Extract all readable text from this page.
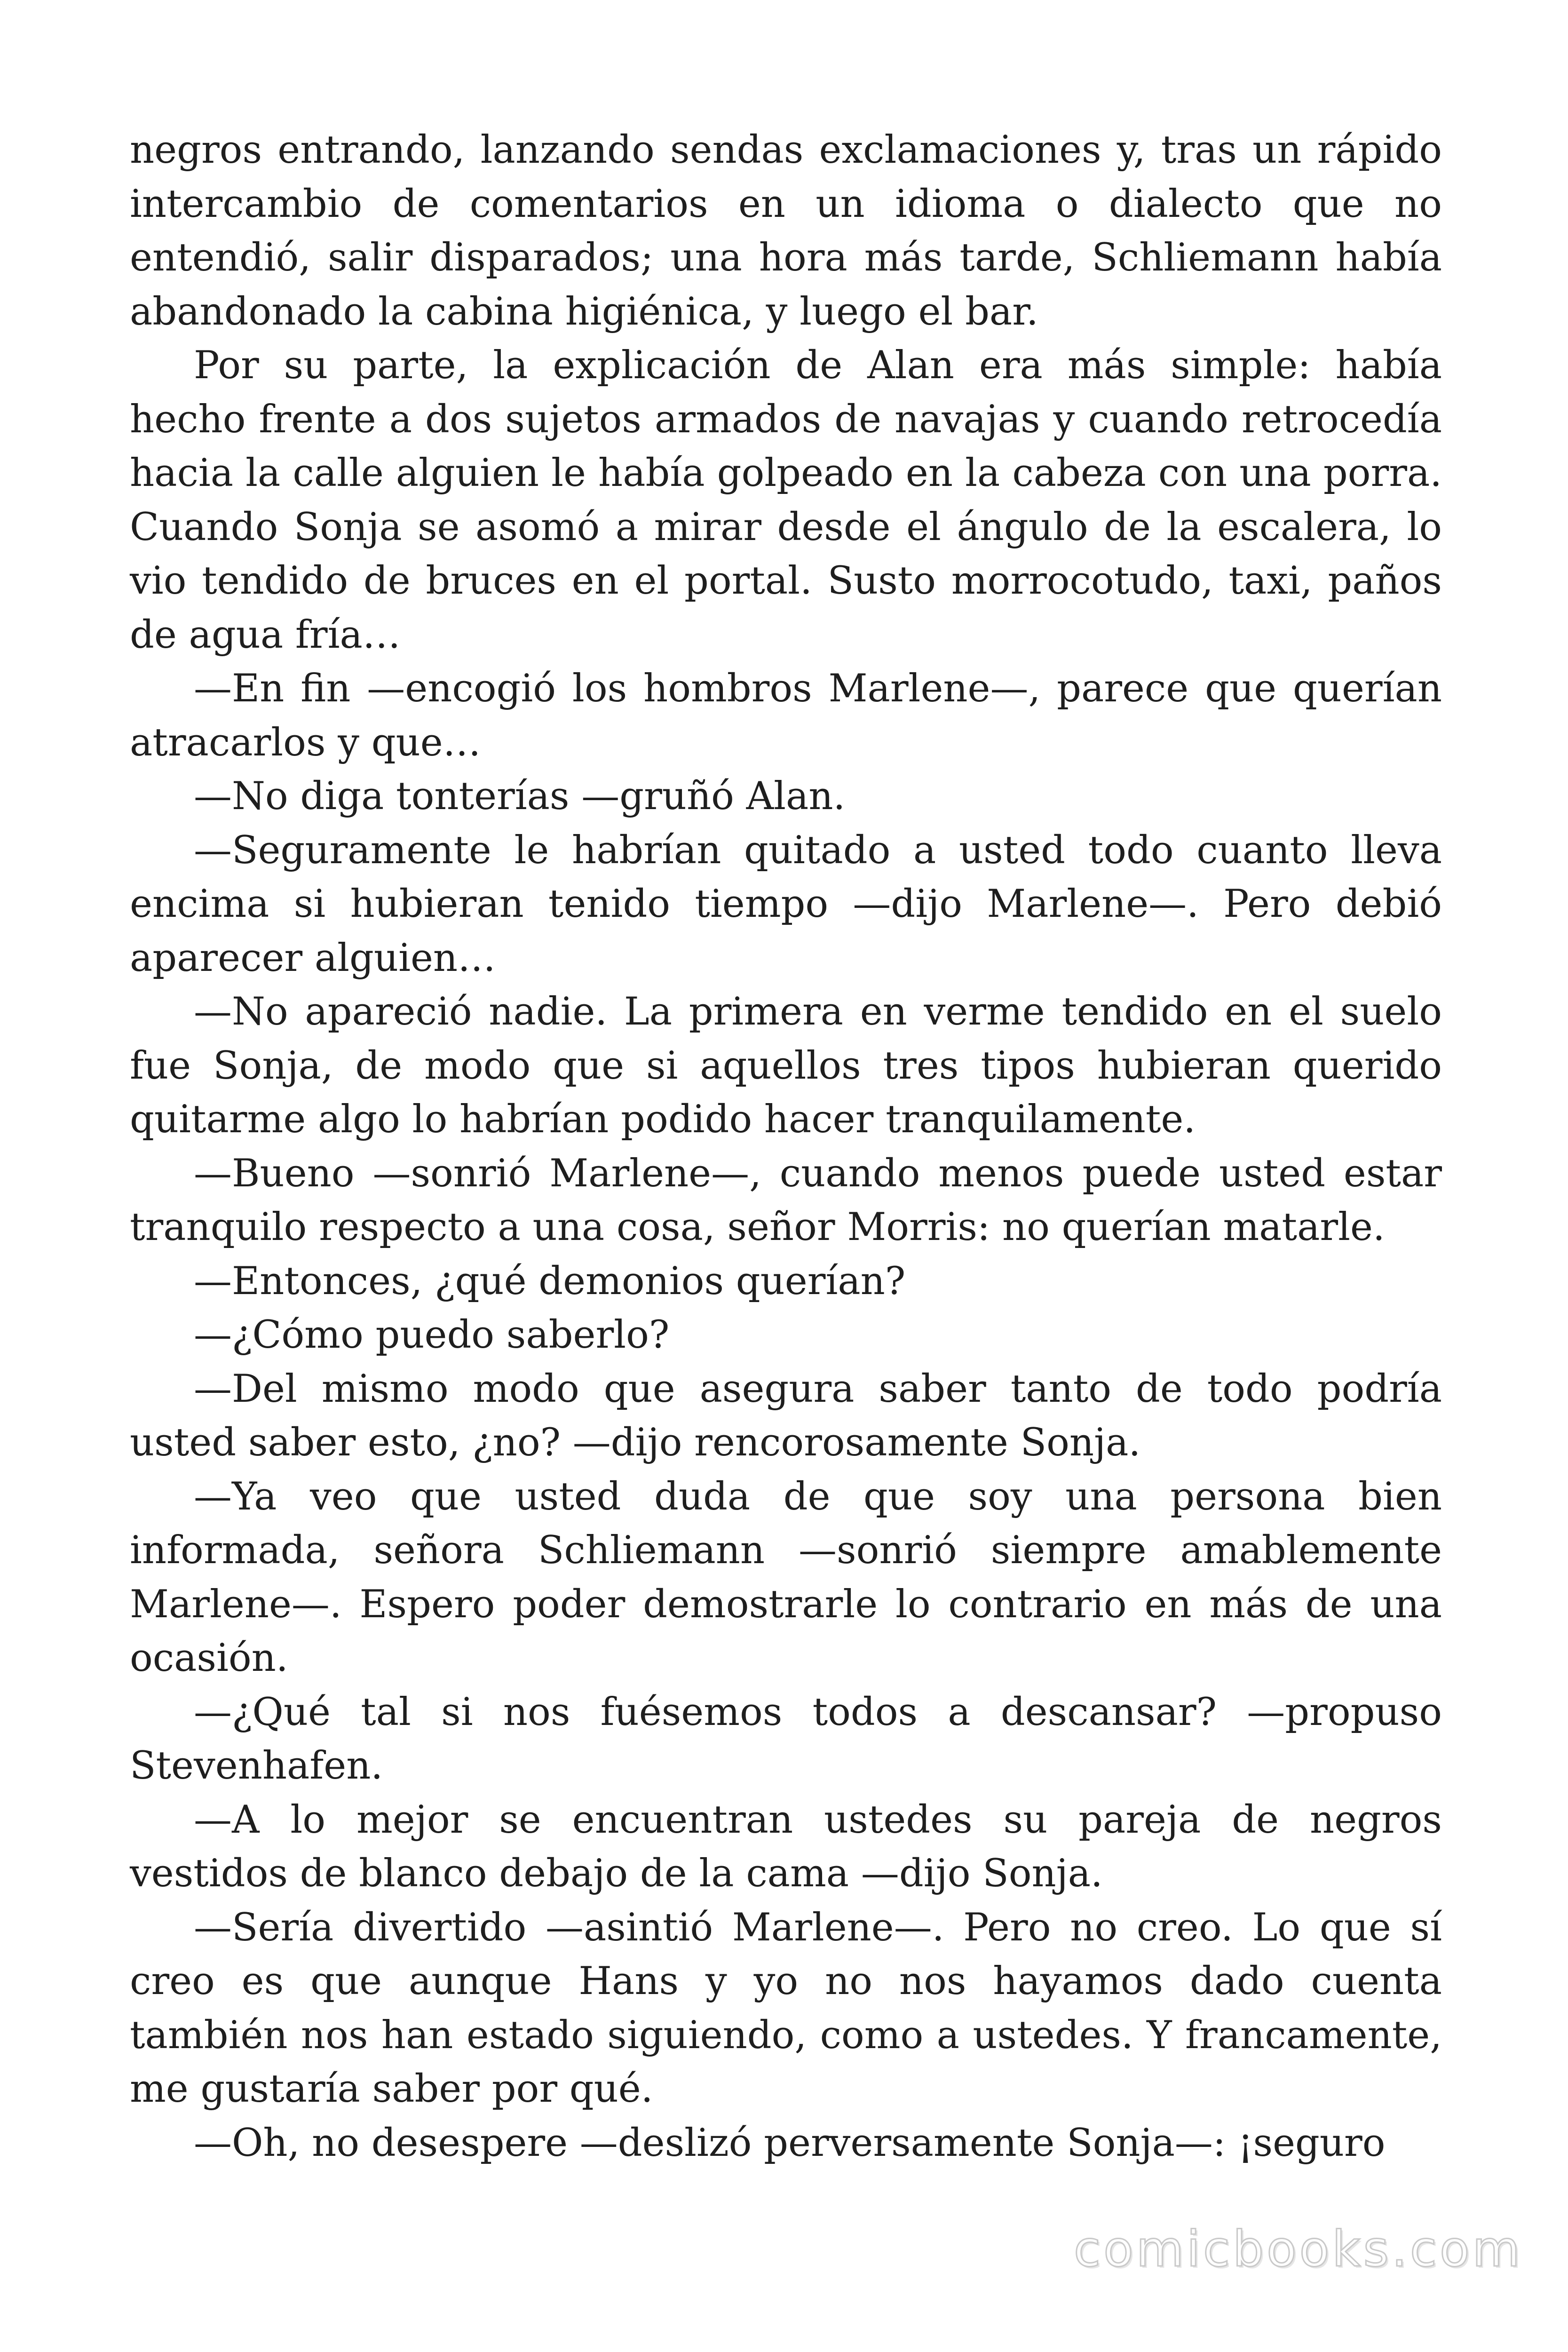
negros entrando, lanzando sendas exclamaciones y, tras un rápido intercambio de comentarios en un idioma o dialecto que no entendió, salir disparados; una hora más tarde, Schliemann había abandonado la cabina higiénica, y luego el bar.

Por su parte, la explicación de Alan era más simple: había hecho frente a dos sujetos armados de navajas y cuando retrocedía hacia la calle alguien le había golpeado en la cabeza con una porra. Cuando Sonja se asomó a mirar desde el ángulo de la escalera, lo vio tendido de bruces en el portal. Susto morrocotudo, taxi, paños de agua fría…

—En fin —encogió los hombros Marlene—, parece que querían atracarlos y que…

—No diga tonterías —gruñó Alan.

—Seguramente le habrían quitado a usted todo cuanto lleva encima si hubieran tenido tiempo —dijo Marlene—. Pero debió aparecer alguien…

—No apareció nadie. La primera en verme tendido en el suelo fue Sonja, de modo que si aquellos tres tipos hubieran querido quitarme algo lo habrían podido hacer tranquilamente.

—Bueno —sonrió Marlene—, cuando menos puede usted estar tranquilo respecto a una cosa, señor Morris: no querían matarle.

—Entonces, ¿qué demonios querían?

—¿Cómo puedo saberlo?

—Del mismo modo que asegura saber tanto de todo podría usted saber esto, ¿no? —dijo rencorosamente Sonja.

—Ya veo que usted duda de que soy una persona bien informada, señora Schliemann —sonrió siempre amablemente Marlene—. Espero poder demostrarle lo contrario en más de una ocasión.

—¿Qué tal si nos fuésemos todos a descansar? —propuso Stevenhafen.

—A lo mejor se encuentran ustedes su pareja de negros vestidos de blanco debajo de la cama —dijo Sonja.

—Sería divertido —asintió Marlene—. Pero no creo. Lo que sí creo es que aunque Hans y yo no nos hayamos dado cuenta también nos han estado siguiendo, como a ustedes. Y francamente, me gustaría saber por qué.

—Oh, no desespere —deslizó perversamente Sonja—: ¡seguro

comicbooks.com
